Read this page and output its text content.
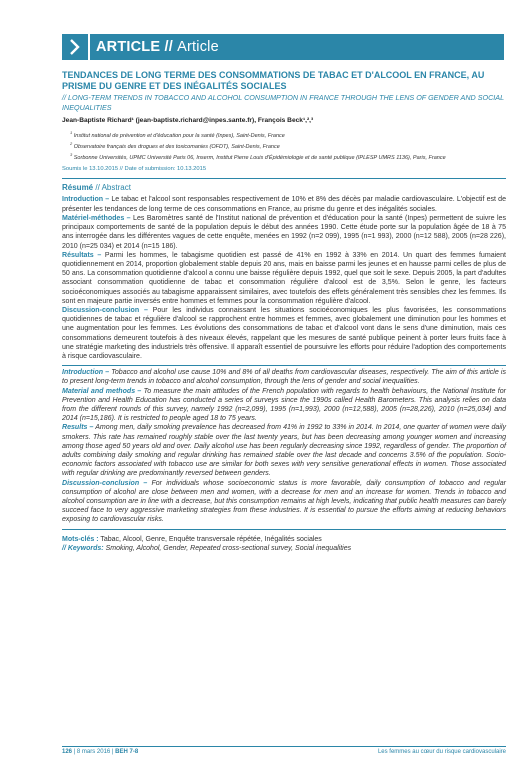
ARTICLE // Article
TENDANCES DE LONG TERME DES CONSOMMATIONS DE TABAC ET D'ALCOOL EN FRANCE, AU PRISME DU GENRE ET DES INÉGALITÉS SOCIALES
// LONG-TERM TRENDS IN TOBACCO AND ALCOHOL CONSUMPTION IN FRANCE THROUGH THE LENS OF GENDER AND SOCIAL INEQUALITIES
Jean-Baptiste Richard¹ (jean-baptiste.richard@inpes.sante.fr), François Beck¹,²,³
$^1$ Institut national de prévention et d'éducation pour la santé (Inpes), Saint-Denis, France
$^2$ Observatoire français des drogues et des toxicomanies (OFDT), Saint-Denis, France
$^3$ Sorbonne Universités, UPMC Université Paris 06, Inserm, Institut Pierre Louis d'Épidémiologie et de santé publique (IPLESP UMRS 1136), Paris, France
Soumis le 13.10.2015 // Date of submission: 10.13.2015
Résumé // Abstract
Introduction – Le tabac et l'alcool sont responsables respectivement de 10% et 8% des décès par maladie cardiovasculaire. L'objectif est de présenter les tendances de long terme de ces consommations en France, au prisme du genre et des inégalités sociales.
Matériel-méthodes – Les Baromètres santé de l'Institut national de prévention et d'éducation pour la santé (Inpes) permettent de suivre les principaux comportements de santé de la population depuis le début des années 1990. Cette étude porte sur la population âgée de 18 à 75 ans interrogée dans les différentes vagues de cette enquête, menées en 1992 (n=2 099), 1995 (n=1 993), 2000 (n=12 588), 2005 (n=28 226), 2010 (n=25 034) et 2014 (n=15 186).
Résultats – Parmi les hommes, le tabagisme quotidien est passé de 41% en 1992 à 33% en 2014. Un quart des femmes fumaient quotidiennement en 2014, proportion globalement stable depuis 20 ans, mais en baisse parmi les jeunes et en hausse parmi celles de plus de 50 ans. La consommation quotidienne d'alcool a connu une baisse régulière depuis 1992, quel que soit le sexe. Depuis 2005, la part d'adultes associant consommation quotidienne de tabac et consommation régulière d'alcool est de 3,5%. Selon le genre, les facteurs socioéconomiques associés au tabagisme apparaissent similaires, avec toutefois des effets généralement très sensibles chez les femmes. Ils sont en majeure partie inversés entre hommes et femmes pour la consommation régulière d'alcool.
Discussion-conclusion – Pour les individus connaissant les situations socioéconomiques les plus favorisées, les consommations quotidiennes de tabac et régulière d'alcool se rapprochent entre hommes et femmes, avec globalement une diminution pour les hommes et une augmentation pour les femmes. Les évolutions des consommations de tabac et d'alcool vont dans le sens d'une diminution, mais ces consommations demeurent toutefois à des niveaux élevés, rappelant que les mesures de santé publique peinent à porter leurs fruits face à une stratégie marketing des industriels très offensive. Il apparaît essentiel de poursuivre les efforts pour réduire l'adoption des comportements à risque cardiovasculaire.
Introduction – Tobacco and alcohol use cause 10% and 8% of all deaths from cardiovascular diseases, respectively. The aim of this article is to present long-term trends in tobacco and alcohol consumption, through the lens of gender and social inequalities.
Material and methods – To measure the main attitudes of the French population with regards to health behaviours, the National Institute for Prevention and Health Education has conducted a series of surveys since the 1990s called Health Barometers. This analysis relies on data from the different rounds of this survey, namely 1992 (n=2,099), 1995 (n=1,993), 2000 (n=12,588), 2005 (n=28,226), 2010 (n=25,034) and 2014 (n=15,186). It is restricted to people aged 18 to 75 years.
Results – Among men, daily smoking prevalence has decreased from 41% in 1992 to 33% in 2014. In 2014, one quarter of women were daily smokers. This rate has remained roughly stable over the last twenty years, but has been decreasing among younger women and increasing among those aged 50 years old and over. Daily alcohol use has been regularly decreasing since 1992, regardless of gender. The proportion of adults combining daily smoking and regular drinking has remained stable over the last decade and concerns 3.5% of the population. Socio-economic factors associated with tobacco use are similar for both sexes with very sensitive generational effects in women. Those associated with regular drinking are predominantly reversed between genders.
Discussion-conclusion – For individuals whose socioeconomic status is more favorable, daily consumption of tobacco and regular consumption of alcohol are close between men and women, with a decrease for men and an increase for women. Trends in tobacco and alcohol consumption are in line with a decrease, but this consumption remains at high levels, indicating that public health measures can barely succeed face to very aggressive marketing strategies from these industries. It is essential to pursue the efforts aiming at reducing behaviors exposing to cardiovascular risks.
Mots-clés : Tabac, Alcool, Genre, Enquête transversale répétée, Inégalités sociales
// Keywords: Smoking, Alcohol, Gender, Repeated cross-sectional survey, Social inequalities
126 | 8 mars 2016 | BEH 7-8	Les femmes au cœur du risque cardiovasculaire
